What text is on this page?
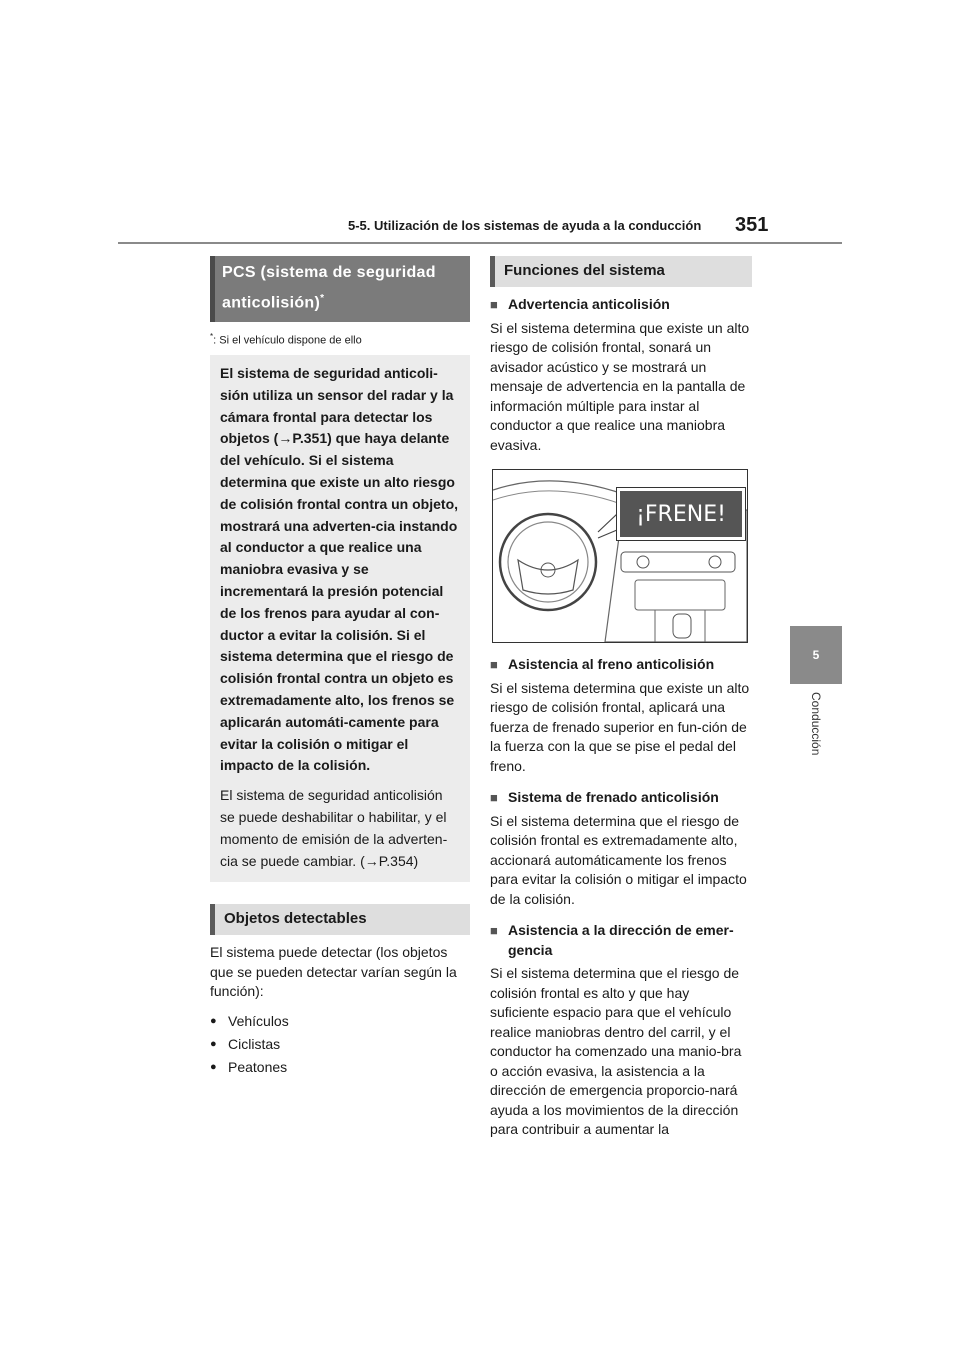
5-5. Utilización de los sistemas de ayuda a la conducción 351
5
Conducción
PCS (sistema de seguridad
anticolisión)*
*: Si el vehículo dispone de ello

El sistema de seguridad anticoli-sión utiliza un sensor del radar y la cámara frontal para detectar los objetos (→P.351) que haya delante del vehículo. Si el sistema determina que existe un alto riesgo de colisión frontal contra un objeto, mostrará una adverten-cia instando al conductor a que realice una maniobra evasiva y se incrementará la presión potencial de los frenos para ayudar al con-ductor a evitar la colisión. Si el sistema determina que el riesgo de colisión frontal contra un objeto es extremadamente alto, los frenos se aplicarán automáti-camente para evitar la colisión o mitigar el impacto de la colisión.

El sistema de seguridad anticolisión se puede deshabilitar o habilitar, y el momento de emisión de la adverten-cia se puede cambiar. (→P.354)

Objetos detectables

El sistema puede detectar (los objetos que se pueden detectar varían según la función):

● Vehículos
● Ciclistas
● Peatones
Funciones del sistema

■ Advertencia anticolisión

Si el sistema determina que existe un alto riesgo de colisión frontal, sonará un avisador acústico y se mostrará un mensaje de advertencia en la pantalla de información múltiple para instar al conductor a que realice una maniobra evasiva.

¡FRENE!

■ Asistencia al freno anticolisión

Si el sistema determina que existe un alto riesgo de colisión frontal, aplicará una fuerza de frenado superior en fun-ción de la fuerza con la que se pise el pedal del freno.

■ Sistema de frenado anticolisión

Si el sistema determina que el riesgo de colisión frontal es extremadamente alto, accionará automáticamente los frenos para evitar la colisión o mitigar el impacto de la colisión.

■ Asistencia a la dirección de emer-gencia

Si el sistema determina que el riesgo de colisión frontal es alto y que hay suficiente espacio para que el vehículo realice maniobras dentro del carril, y el conductor ha comenzado una manio-bra o acción evasiva, la asistencia a la dirección de emergencia proporcio-nará ayuda a los movimientos de la dirección para contribuir a aumentar la
